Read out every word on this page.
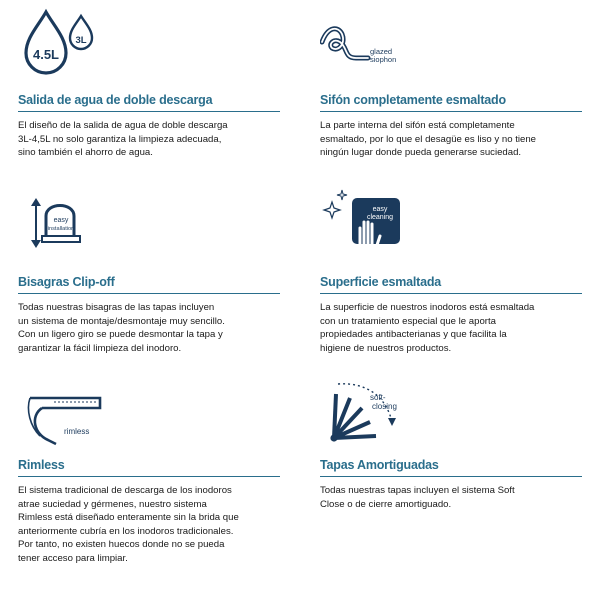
4.5L
3L
Salida de agua de doble descarga
El diseño de la salida de agua de doble descarga
3L-4,5L no solo garantiza la limpieza adecuada,
sino también el ahorro de agua.
glazed
siophon
Sifón completamente esmaltado
La parte interna del sifón está completamente
esmaltado, por lo que el desagüe es liso y no tiene
ningún lugar donde pueda generarse suciedad.
easy
installation
Bisagras Clip-off
Todas nuestras bisagras de las tapas incluyen
un sistema de montaje/desmontaje muy sencillo.
Con un ligero giro se puede desmontar la tapa y
garantizar la fácil limpieza del inodoro.
easy
cleaning
Superficie esmaltada
La superficie de nuestros inodoros está esmaltada
con un tratamiento especial que le aporta
propiedades antibacterianas y que facilita la
higiene de nuestros productos.
rimless
Rimless
El sistema tradicional de descarga de los inodoros
atrae suciedad y gérmenes, nuestro sistema
Rimless está diseñado enteramente sin la brida que
anteriormente cubría en los inodoros tradicionales.
Por tanto, no existen huecos donde no se pueda
tener acceso para limpiar.
soft-
closing
Tapas Amortiguadas
Todas nuestras tapas incluyen el sistema Soft
Close o de cierre amortiguado.
